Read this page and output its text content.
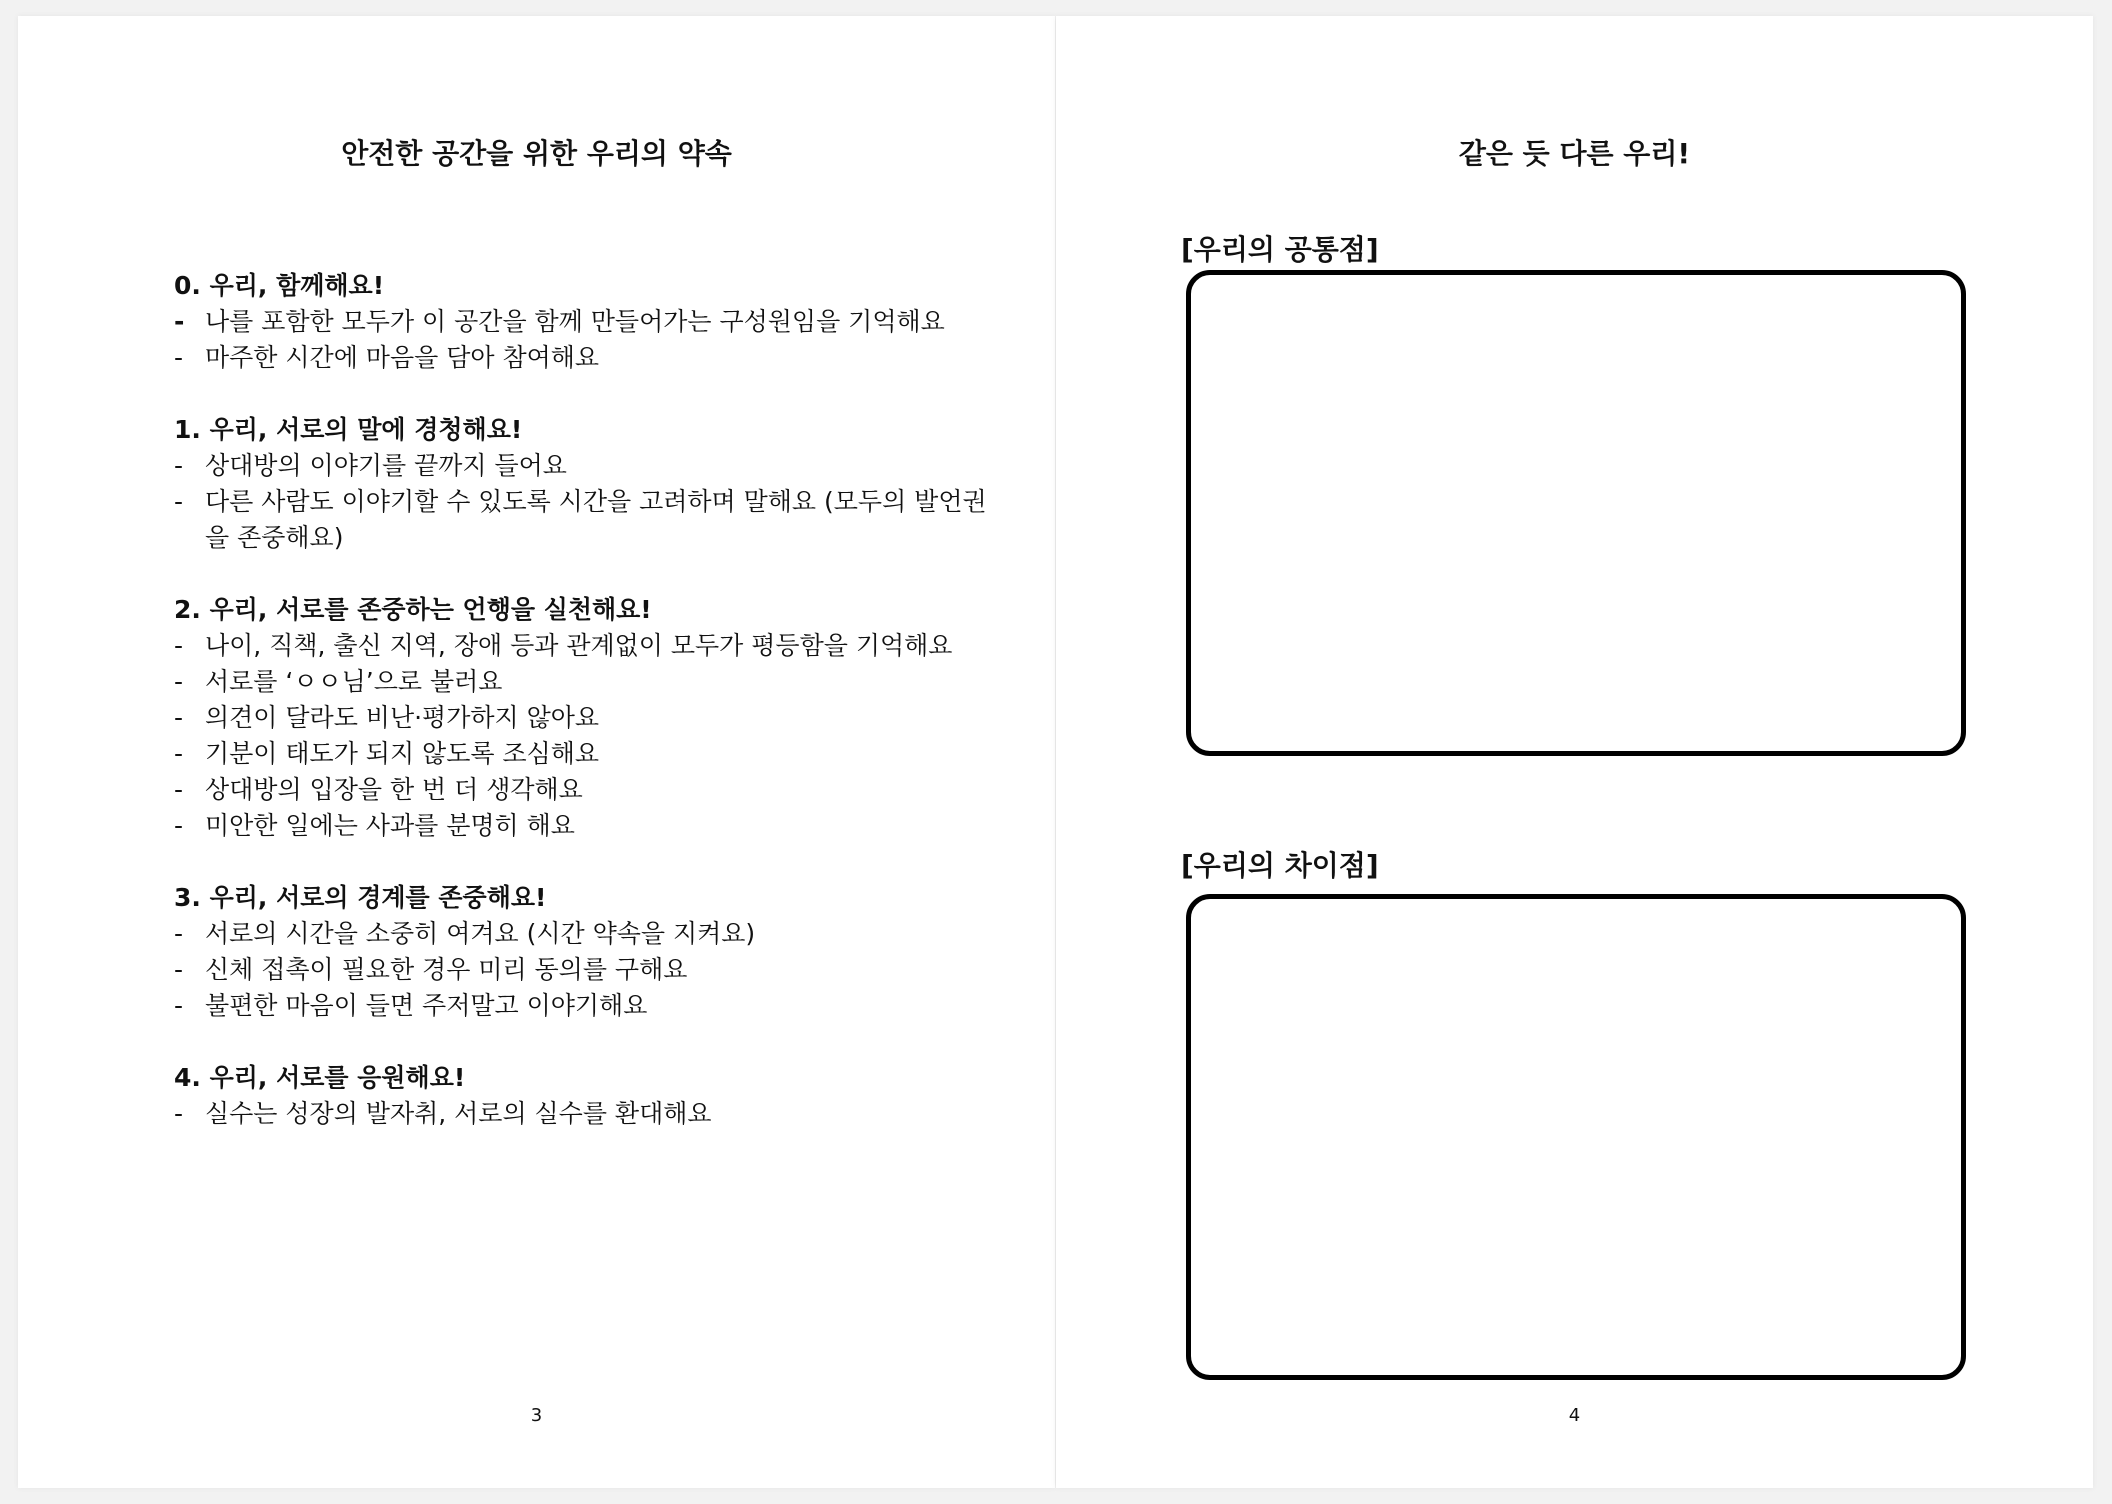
안전한 공간을 위한 우리의 약속
0. 우리, 함께해요!
- 나를 포함한 모두가 이 공간을 함께 만들어가는 구성원임을 기억해요
- 마주한 시간에 마음을 담아 참여해요
1. 우리, 서로의 말에 경청해요!
- 상대방의 이야기를 끝까지 들어요
- 다른 사람도 이야기할 수 있도록 시간을 고려하며 말해요 (모두의 발언권을 존중해요)
2. 우리, 서로를 존중하는 언행을 실천해요!
- 나이, 직책, 출신 지역, 장애 등과 관계없이 모두가 평등함을 기억해요
- 서로를 ‘ㅇㅇ님’으로 불러요
- 의견이 달라도 비난·평가하지 않아요
- 기분이 태도가 되지 않도록 조심해요
- 상대방의 입장을 한 번 더 생각해요
- 미안한 일에는 사과를 분명히 해요
3. 우리, 서로의 경계를 존중해요!
- 서로의 시간을 소중히 여겨요 (시간 약속을 지켜요)
- 신체 접촉이 필요한 경우 미리 동의를 구해요
- 불편한 마음이 들면 주저말고 이야기해요
4. 우리, 서로를 응원해요!
- 실수는 성장의 발자취, 서로의 실수를 환대해요
3
같은 듯 다른 우리!
[우리의 공통점]
[우리의 차이점]
4
